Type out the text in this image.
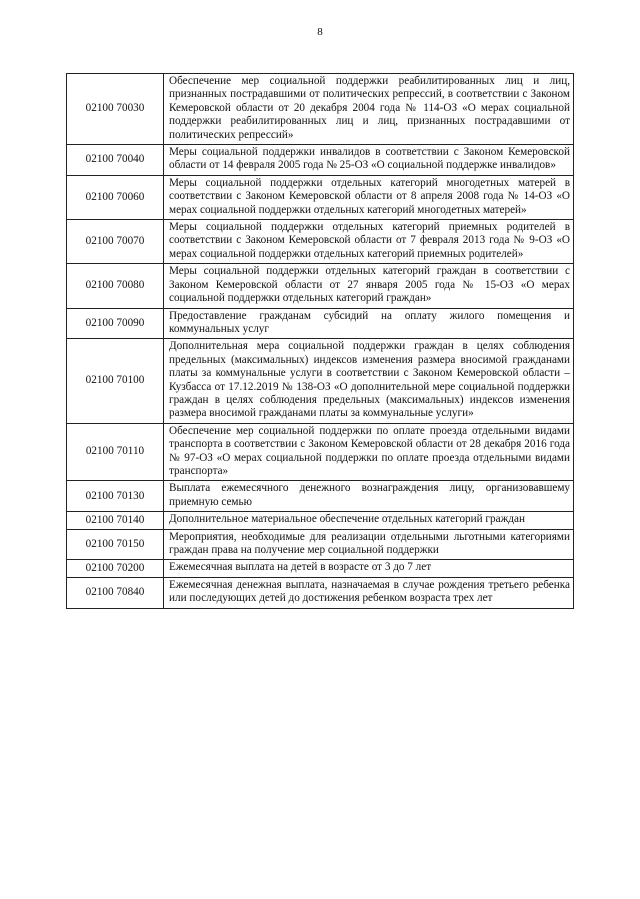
8
02100 70030	Обеспечение мер социальной поддержки реабилитированных лиц и лиц, признанных пострадавшими от политических репрессий, в соответствии с Законом Кемеровской области от 20 декабря 2004 года № 114-ОЗ «О мерах социальной поддержки реабилитированных лиц и лиц, признанных пострадавшими от политических репрессий»
02100 70040	Меры социальной поддержки инвалидов в соответствии с Законом Кемеровской области от 14 февраля 2005 года № 25-ОЗ «О социальной поддержке инвалидов»
02100 70060	Меры социальной поддержки отдельных категорий многодетных матерей в соответствии с Законом Кемеровской области от 8 апреля 2008 года № 14-ОЗ «О мерах социальной поддержки отдельных категорий многодетных матерей»
02100 70070	Меры социальной поддержки отдельных категорий приемных родителей в соответствии с Законом Кемеровской области от 7 февраля 2013 года № 9-ОЗ «О мерах социальной поддержки отдельных категорий приемных родителей»
02100 70080	Меры социальной поддержки отдельных категорий граждан в соответствии с Законом Кемеровской области от 27 января 2005 года № 15-ОЗ «О мерах социальной поддержки отдельных категорий граждан»
02100 70090	Предоставление гражданам субсидий на оплату жилого помещения и коммунальных услуг
02100 70100	Дополнительная мера социальной поддержки граждан в целях соблюдения предельных (максимальных) индексов изменения размера вносимой гражданами платы за коммунальные услуги в соответствии с Законом Кемеровской области – Кузбасса от 17.12.2019 № 138-ОЗ «О дополнительной мере социальной поддержки граждан в целях соблюдения предельных (максимальных) индексов изменения размера вносимой гражданами платы за коммунальные услуги»
02100 70110	Обеспечение мер социальной поддержки по оплате проезда отдельными видами транспорта в соответствии с Законом Кемеровской области от 28 декабря 2016 года № 97-ОЗ «О мерах социальной поддержки по оплате проезда отдельными видами транспорта»
02100 70130	Выплата ежемесячного денежного вознаграждения лицу, организовавшему приемную семью
02100 70140	Дополнительное материальное обеспечение отдельных категорий граждан
02100 70150	Мероприятия, необходимые для реализации отдельными льготными категориями граждан права на получение мер социальной поддержки
02100 70200	Ежемесячная выплата на детей в возрасте от 3 до 7 лет
02100 70840	Ежемесячная денежная выплата, назначаемая в случае рождения третьего ребенка или последующих детей до достижения ребенком возраста трех лет
